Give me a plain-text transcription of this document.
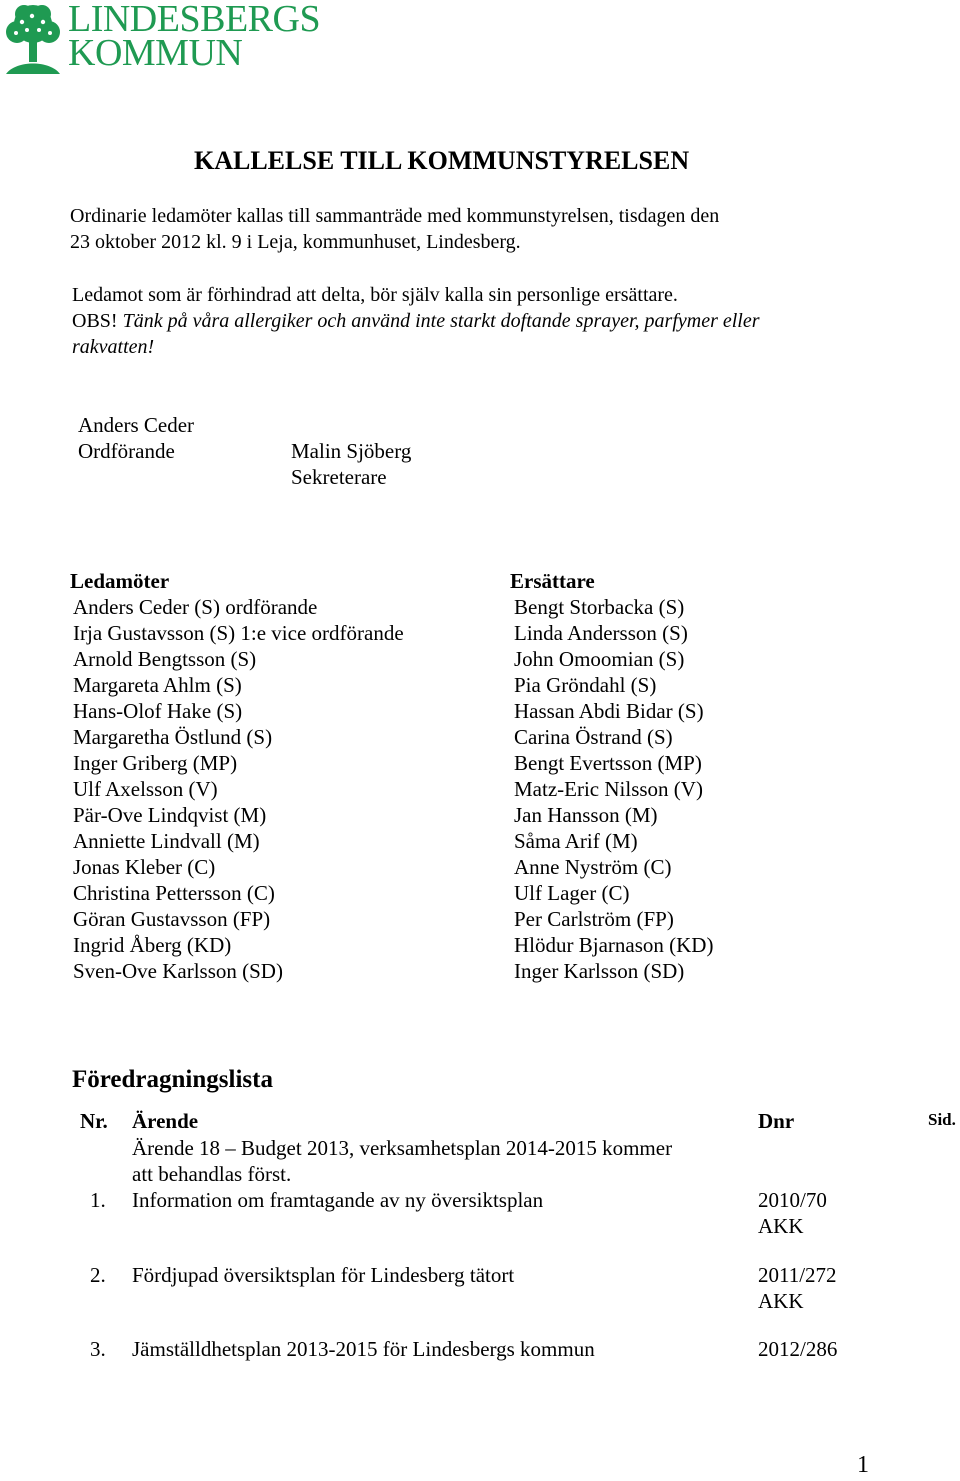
LINDESBERGS
KOMMUN
KALLELSE TILL KOMMUNSTYRELSEN
Ordinarie ledamöter kallas till sammanträde med kommunstyrelsen, tisdagen den
23 oktober 2012 kl. 9 i Leja, kommunhuset, Lindesberg.
Ledamot som är förhindrad att delta, bör själv kalla sin personlige ersättare.
OBS! Tänk på våra allergiker och använd inte starkt doftande sprayer, parfymer eller
rakvatten!
Anders Ceder
Ordförande	Malin Sjöberg
Sekreterare
Ledamöter
Anders Ceder (S) ordförande
Irja Gustavsson (S) 1:e vice ordförande
Arnold Bengtsson (S)
Margareta Ahlm (S)
Hans-Olof Hake (S)
Margaretha Östlund (S)
Inger Griberg (MP)
Ulf Axelsson (V)
Pär-Ove Lindqvist (M)
Anniette Lindvall (M)
Jonas Kleber (C)
Christina Pettersson (C)
Göran Gustavsson (FP)
Ingrid Åberg (KD)
Sven-Ove Karlsson (SD)
Ersättare
Bengt Storbacka (S)
Linda Andersson (S)
John Omoomian (S)
Pia Gröndahl (S)
Hassan Abdi Bidar (S)
Carina Östrand (S)
Bengt Evertsson (MP)
Matz-Eric Nilsson (V)
Jan Hansson (M)
Såma Arif (M)
Anne Nyström (C)
Ulf Lager (C)
Per Carlström (FP)
Hlödur Bjarnason (KD)
Inger Karlsson (SD)
Föredragningslista
Nr. Ärende	Dnr	Sid.
Ärende 18 – Budget 2013, verksamhetsplan 2014-2015 kommer
att behandlas först.
1. Information om framtagande av ny översiktsplan	2010/70
AKK
2. Fördjupad översiktsplan för Lindesberg tätort	2011/272
AKK
3. Jämställdhetsplan 2013-2015 för Lindesbergs kommun	2012/286
1
